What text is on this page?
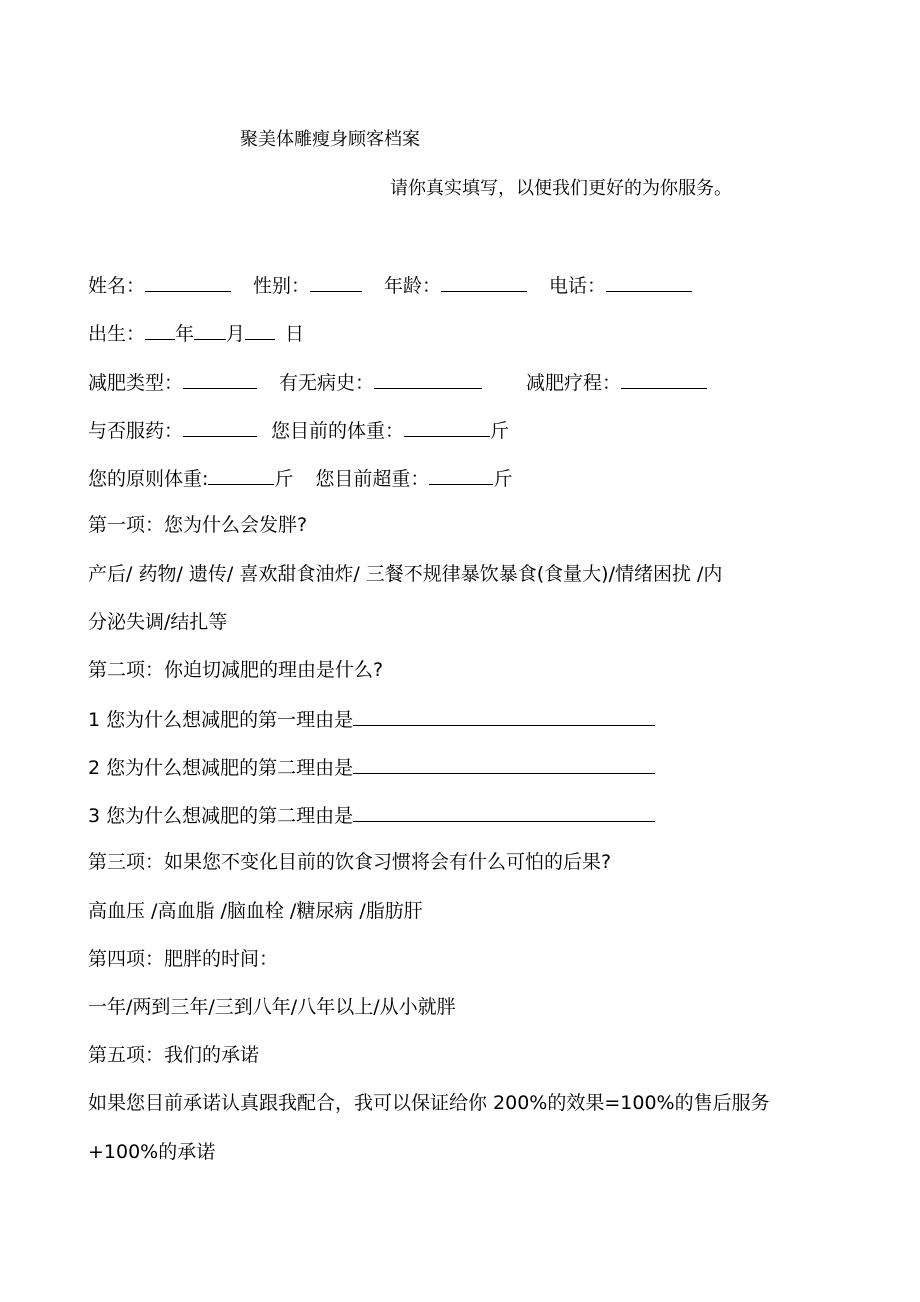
聚美体雕瘦身顾客档案
请你真实填写，以便我们更好的为你服务。
姓名：	性别：	年龄：	电话：
出生： 年 月 日
减肥类型：	有无病史：	减肥疗程：
与否服药：	您目前的体重：	斤
您的原则体重:	斤 您目前超重：	斤
第一项：您为什么会发胖?
产后/ 药物/ 遗传/ 喜欢甜食油炸/ 三餐不规律暴饮暴食(食量大)/情绪困扰 /内
分泌失调/结扎等
第二项：你迫切减肥的理由是什么?
1 您为什么想减肥的第一理由是
2 您为什么想减肥的第二理由是
3 您为什么想减肥的第二理由是
第三项：如果您不变化目前的饮食习惯将会有什么可怕的后果?
高血压 /高血脂 /脑血栓 /糖尿病 /脂肪肝
第四项：肥胖的时间：
一年/两到三年/三到八年/八年以上/从小就胖
第五项：我们的承诺
如果您目前承诺认真跟我配合，我可以保证给你 200%的效果=100%的售后服务
+100%的承诺
